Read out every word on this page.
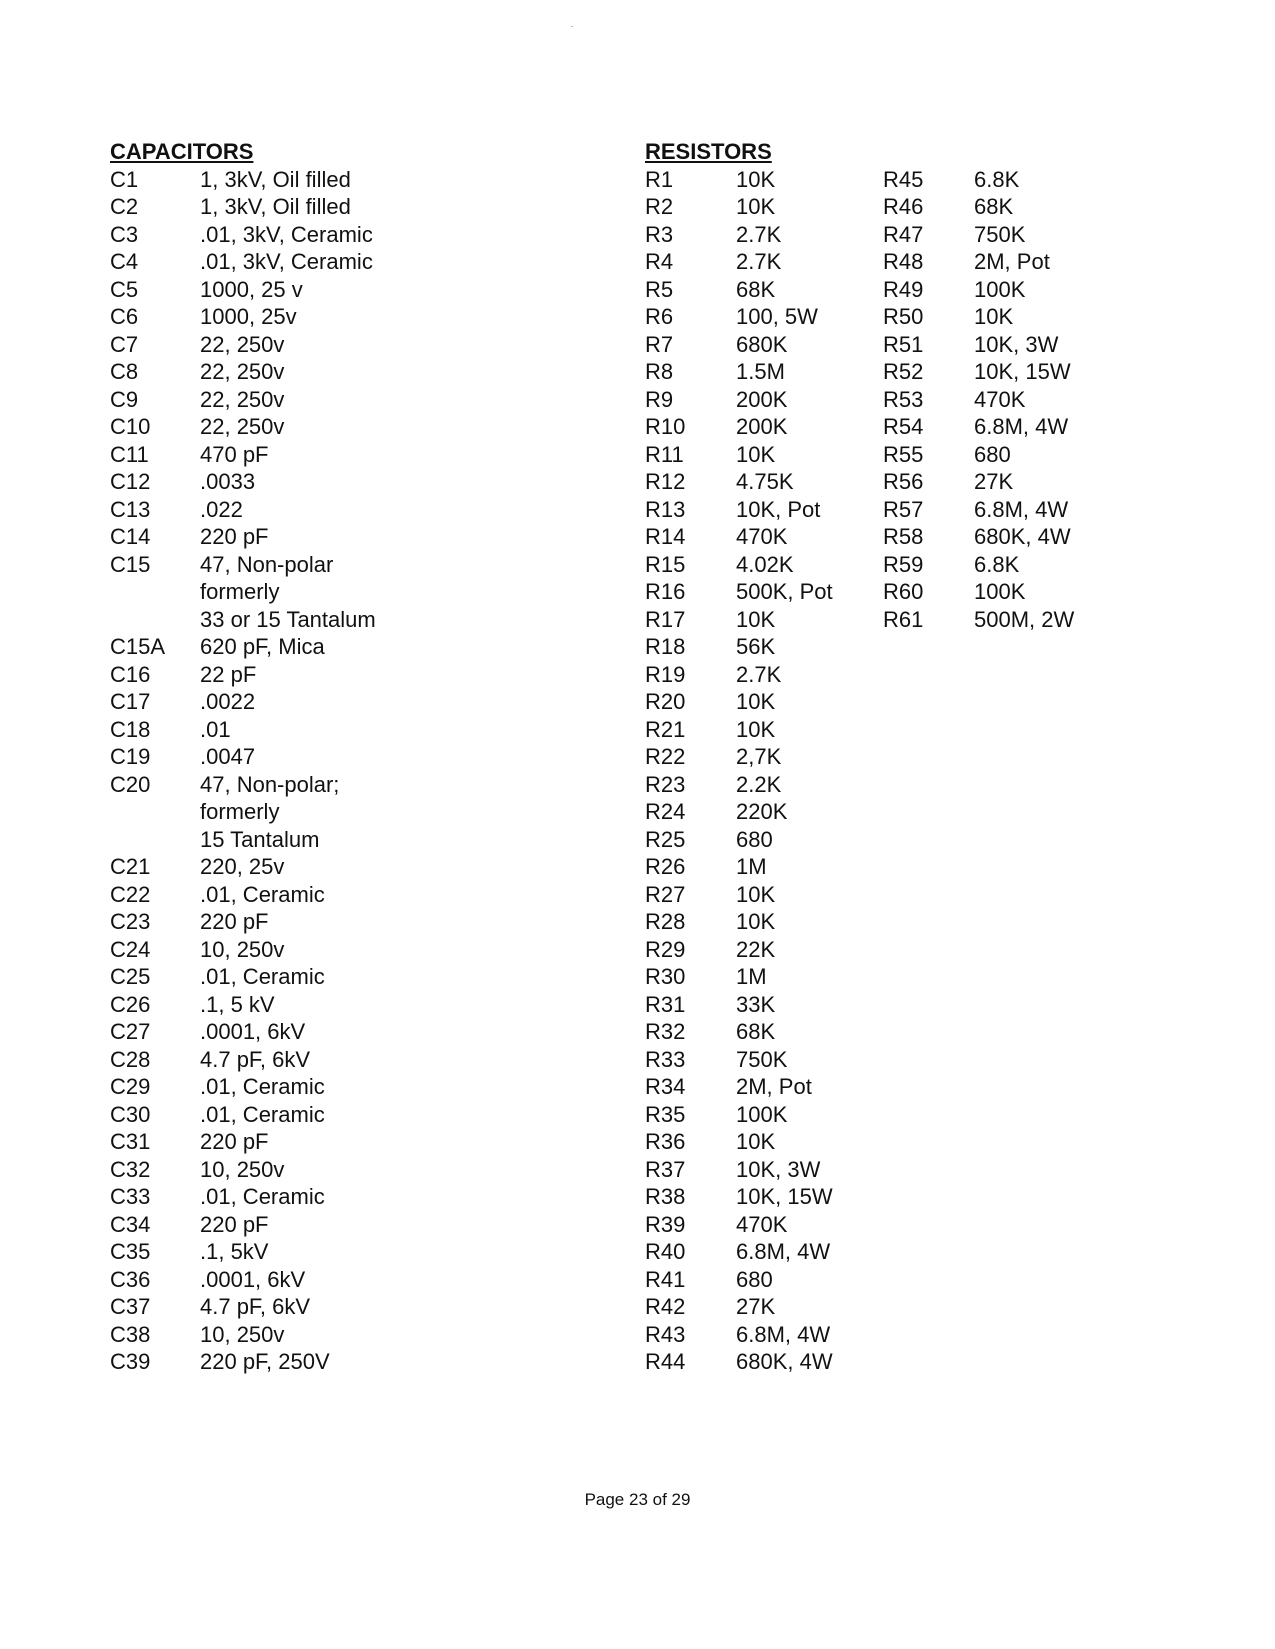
CAPACITORS
C1	1, 3kV, Oil filled
C2	1, 3kV, Oil filled
C3	.01, 3kV, Ceramic
C4	.01, 3kV, Ceramic
C5	1000, 25 v
C6	1000, 25v
C7	22, 250v
C8	22, 250v
C9	22, 250v
C10	22, 250v
C11	470 pF
C12	.0033
C13	.022
C14	220 pF
C15	47, Non-polar
formerly
33 or 15 Tantalum
C15A	620 pF, Mica
C16	22 pF
C17	.0022
C18	.01
C19	.0047
C20	47, Non-polar;
formerly
15 Tantalum
C21	220, 25v
C22	.01, Ceramic
C23	220 pF
C24	10, 250v
C25	.01, Ceramic
C26	.1, 5 kV
C27	.0001, 6kV
C28	4.7 pF, 6kV
C29	.01, Ceramic
C30	.01, Ceramic
C31	220 pF
C32	10, 250v
C33	.01, Ceramic
C34	220 pF
C35	.1, 5kV
C36	.0001, 6kV
C37	4.7 pF, 6kV
C38	10, 250v
C39	220 pF, 250V
RESISTORS
R1	10K
R2	10K
R3	2.7K
R4	2.7K
R5	68K
R6	100, 5W
R7	680K
R8	1.5M
R9	200K
R10	200K
R11	10K
R12	4.75K
R13	10K, Pot
R14	470K
R15	4.02K
R16	500K, Pot
R17	10K
R18	56K
R19	2.7K
R20	10K
R21	10K
R22	2,7K
R23	2.2K
R24	220K
R25	680
R26	1M
R27	10K
R28	10K
R29	22K
R30	1M
R31	33K
R32	68K
R33	750K
R34	2M, Pot
R35	100K
R36	10K
R37	10K, 3W
R38	10K, 15W
R39	470K
R40	6.8M, 4W
R41	680
R42	27K
R43	6.8M, 4W
R44	680K, 4W
R45	6.8K
R46	68K
R47	750K
R48	2M, Pot
R49	100K
R50	10K
R51	10K, 3W
R52	10K, 15W
R53	470K
R54	6.8M, 4W
R55	680
R56	27K
R57	6.8M, 4W
R58	680K, 4W
R59	6.8K
R60	100K
R61	500M, 2W
Page 23 of 29
